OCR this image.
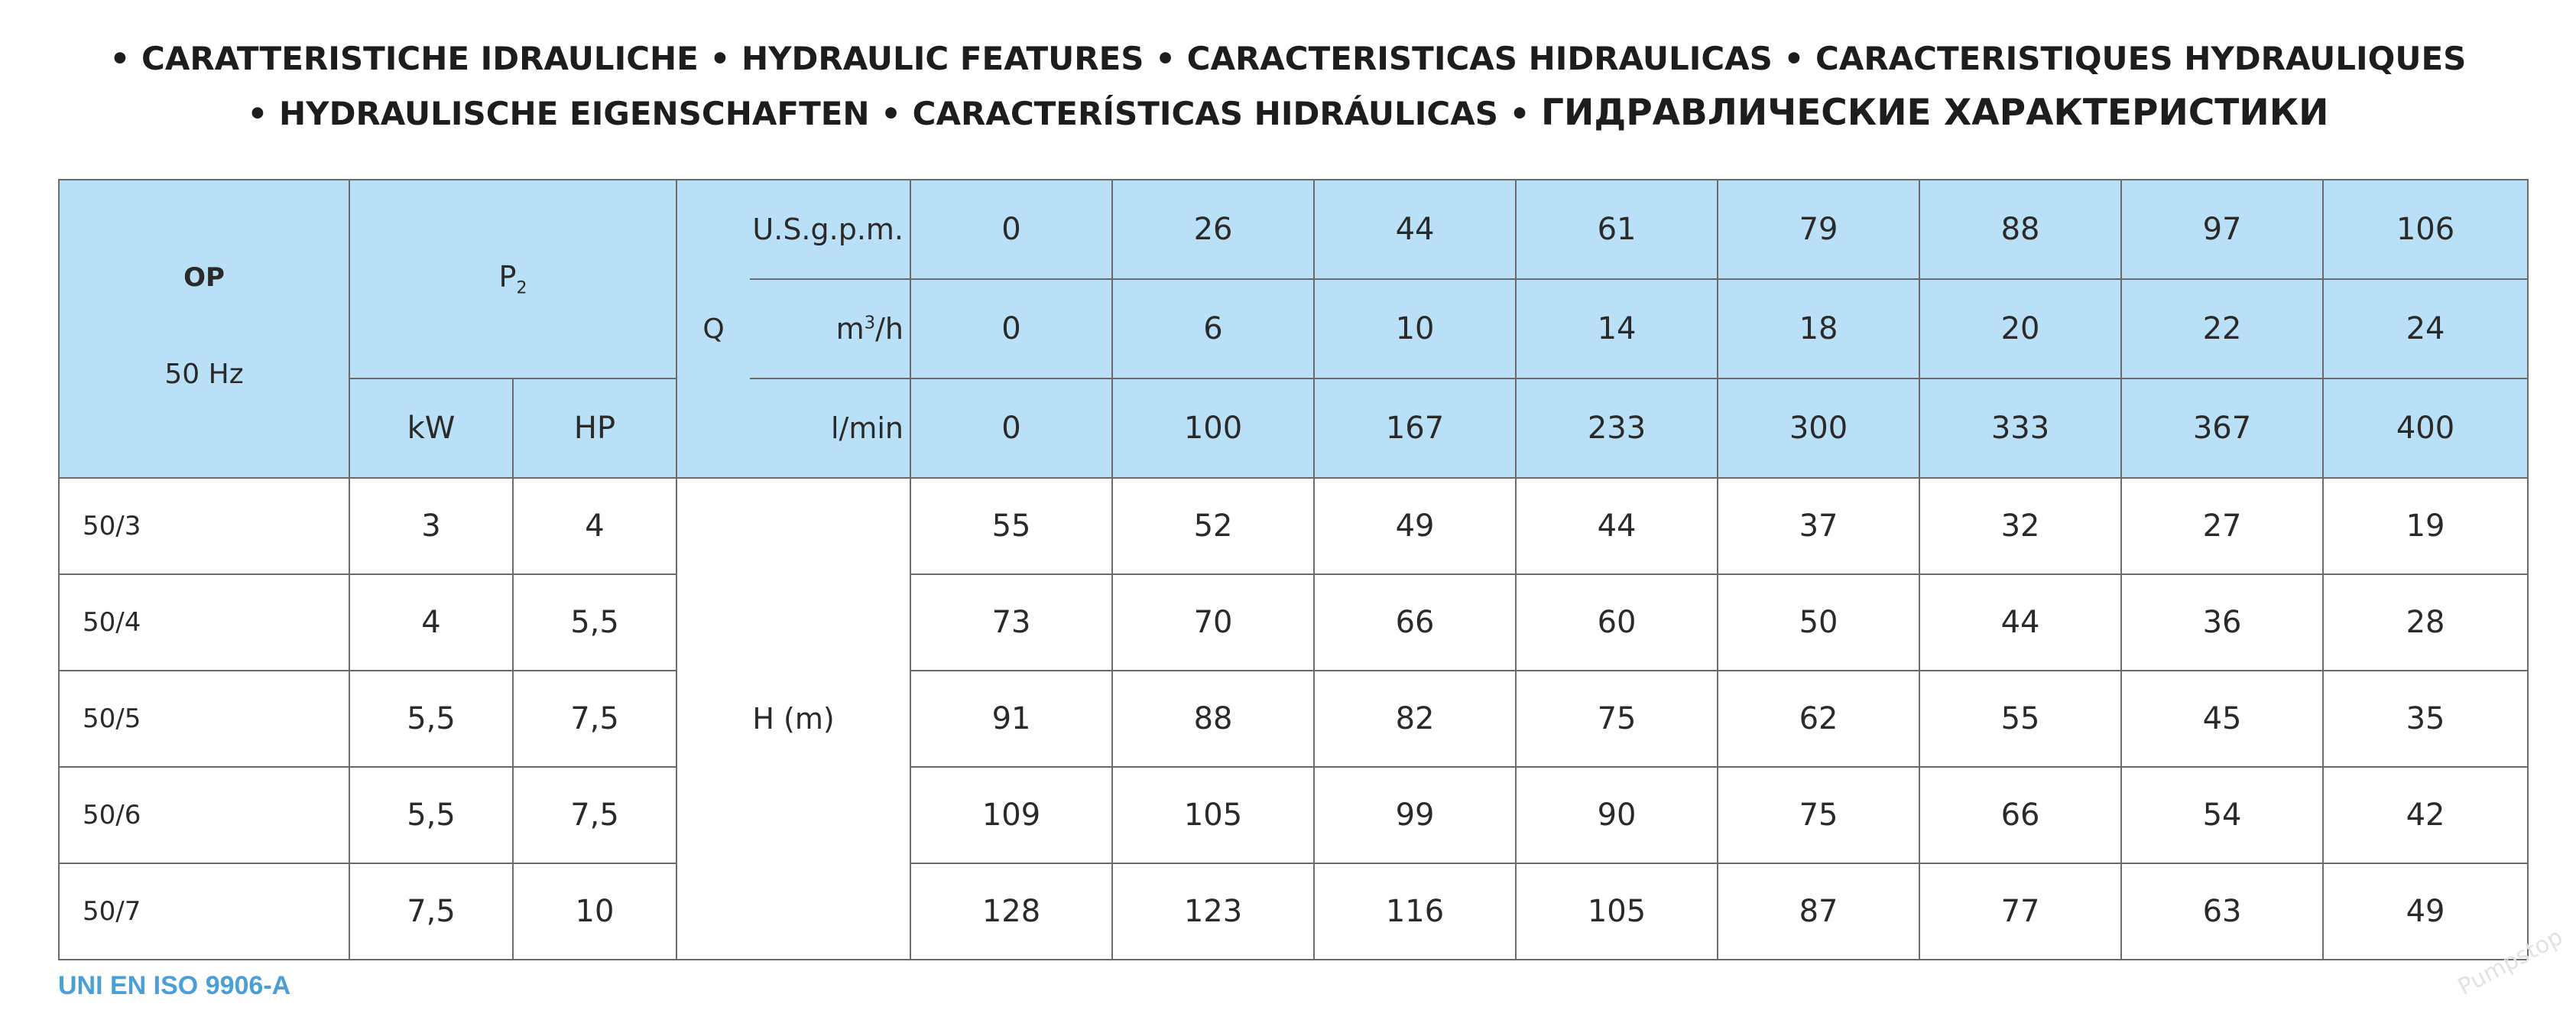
• CARATTERISTICHE IDRAULICHE • HYDRAULIC FEATURES • CARACTERISTICAS HIDRAULICAS • CARACTERISTIQUES HYDRAULIQUES
• HYDRAULISCHE EIGENSCHAFTEN • CARACTERÍSTICAS HIDRÁULICAS • ГИДРАВЛИЧЕСКИЕ ХАРАКТЕРИСТИКИ
OP
50 Hz	$P_2$		Q	U.S.g.p.m.	0	26	44	61	79	88	97	106
				$m^3/h$	0	6	10	14	18	20	22	24
	kW	HP		l/min	0	100	167	233	300	333	367	400
50/3	3	4	H (m)		55	52	49	44	37	32	27	19
50/4	4	5,5			73	70	66	60	50	44	36	28
50/5	5,5	7,5			91	88	82	75	62	55	45	35
50/6	5,5	7,5			109	105	99	90	75	66	54	42
50/7	7,5	10			128	123	116	105	87	77	63	49
UNI EN ISO 9906-A	Pumpstop
